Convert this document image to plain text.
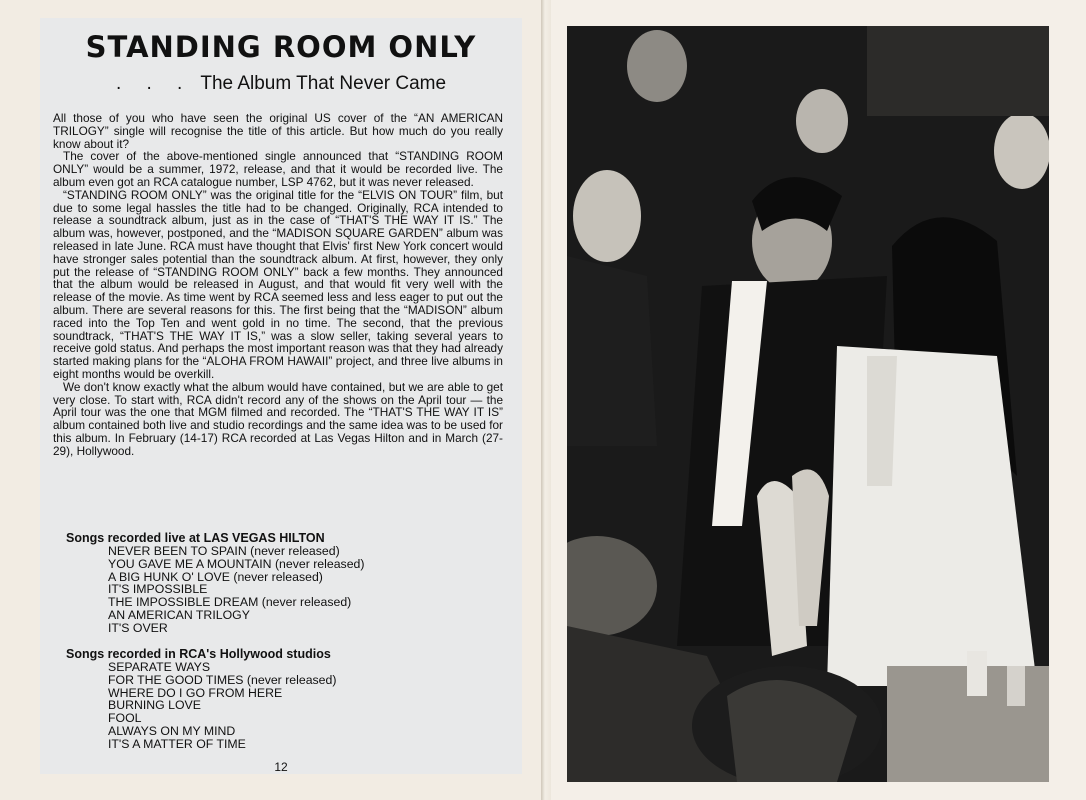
STANDING ROOM ONLY
. . . The Album That Never Came

All those of you who have seen the original US cover of the “AN AMERICAN TRILOGY” single will recognise the title of this article. But how much do you really know about it?

The cover of the above-mentioned single announced that “STANDING ROOM ONLY” would be a summer, 1972, release, and that it would be recorded live. The album even got an RCA catalogue number, LSP 4762, but it was never released.

“STANDING ROOM ONLY” was the original title for the “ELVIS ON TOUR” film, but due to some legal hassles the title had to be changed. Originally, RCA intended to release a soundtrack album, just as in the case of “THAT'S THE WAY IT IS.” The album was, however, postponed, and the “MADISON SQUARE GARDEN” album was released in late June. RCA must have thought that Elvis' first New York concert would have stronger sales potential than the soundtrack album. At first, however, they only put the release of “STANDING ROOM ONLY” back a few months. They announced that the album would be released in August, and that would fit very well with the release of the movie. As time went by RCA seemed less and less eager to put out the album. There are several reasons for this. The first being that the “MADISON” album raced into the Top Ten and went gold in no time. The second, that the previous soundtrack, “THAT'S THE WAY IT IS,” was a slow seller, taking several years to receive gold status. And perhaps the most important reason was that they had already started making plans for the “ALOHA FROM HAWAII” project, and three live albums in eight months would be overkill.

We don't know exactly what the album would have contained, but we are able to get very close. To start with, RCA didn't record any of the shows on the April tour — the April tour was the one that MGM filmed and recorded. The “THAT'S THE WAY IT IS” album contained both live and studio recordings and the same idea was to be used for this album. In February (14-17) RCA recorded at Las Vegas Hilton and in March (27-29), Hollywood.

Songs recorded live at LAS VEGAS HILTON
NEVER BEEN TO SPAIN (never released)
YOU GAVE ME A MOUNTAIN (never released)
A BIG HUNK O' LOVE (never released)
IT'S IMPOSSIBLE
THE IMPOSSIBLE DREAM (never released)
AN AMERICAN TRILOGY
IT'S OVER
Songs recorded in RCA's Hollywood studios
SEPARATE WAYS
FOR THE GOOD TIMES (never released)
WHERE DO I GO FROM HERE
BURNING LOVE
FOOL
ALWAYS ON MY MIND
IT'S A MATTER OF TIME
12
